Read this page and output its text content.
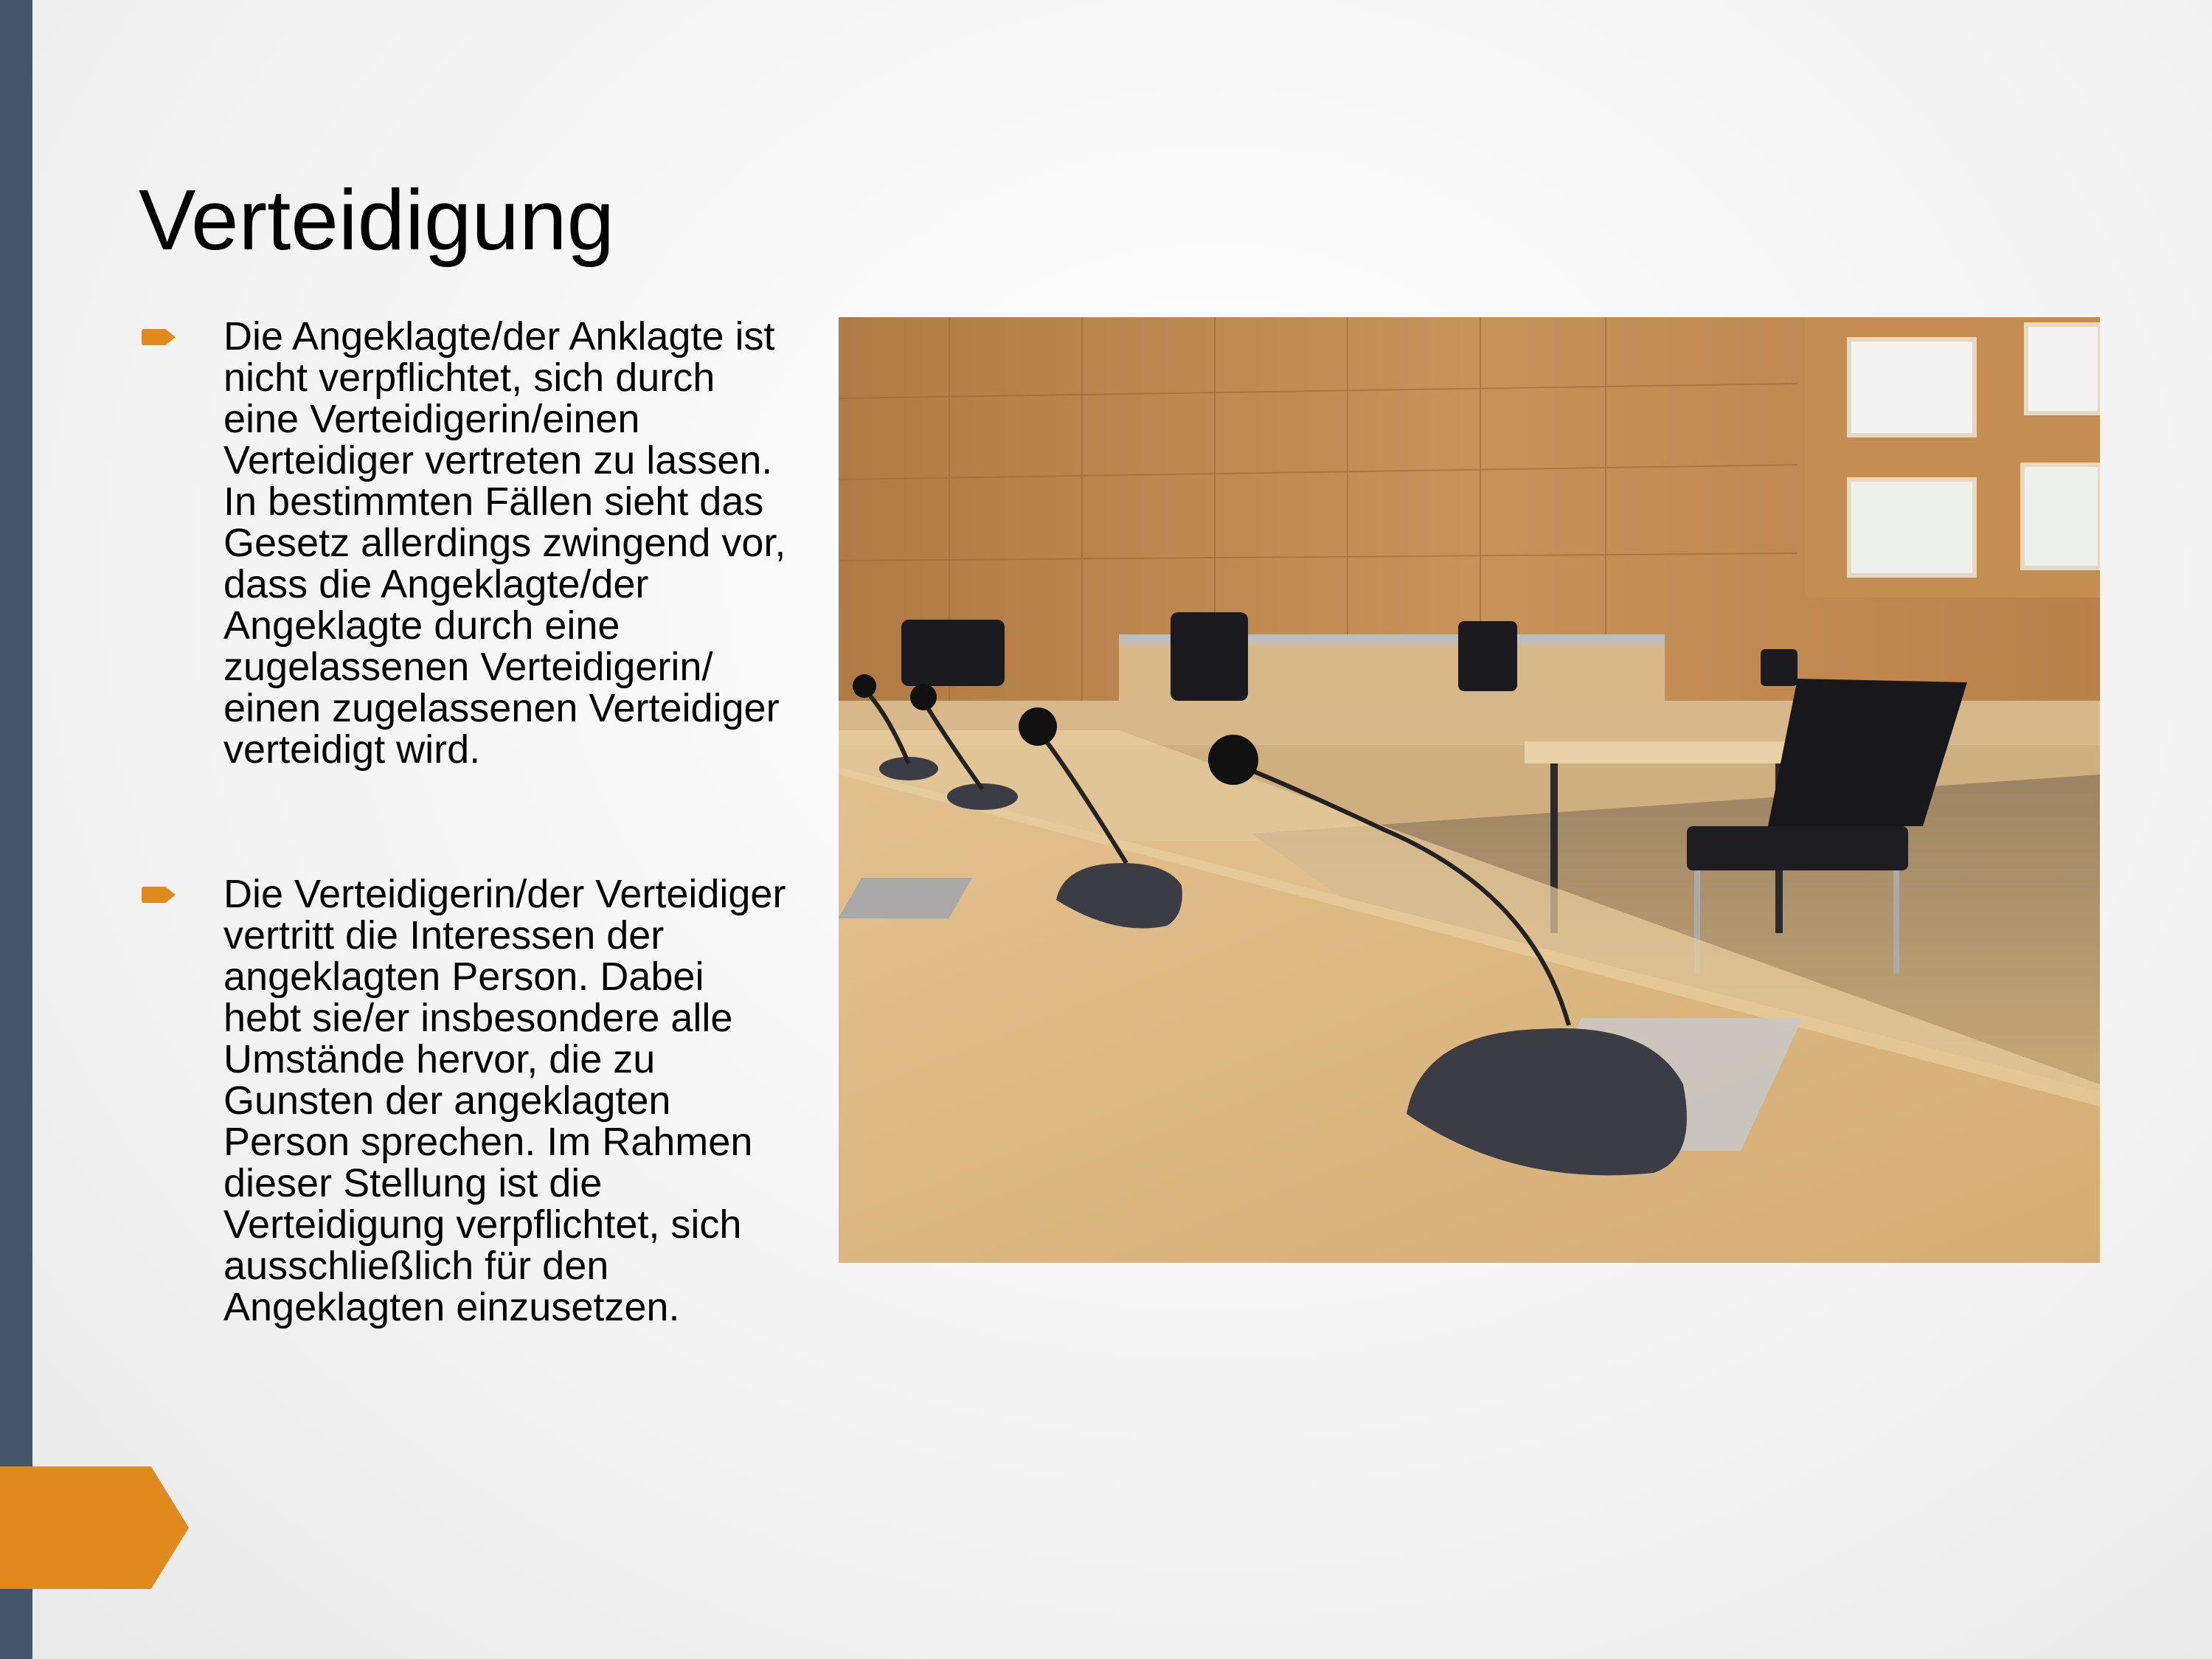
Verteidigung
Die Angeklagte/der Anklagte ist nicht verpflichtet, sich durch eine Verteidigerin/einen Verteidiger vertreten zu lassen. In bestimmten Fällen sieht das Gesetz allerdings zwingend vor, dass die Angeklagte/der Angeklagte durch eine zugelassenen Verteidigerin/ einen zugelassenen Verteidiger verteidigt wird.
Die Verteidigerin/der Verteidiger vertritt die Interessen der angeklagten Person. Dabei hebt sie/er insbesondere alle Umstände hervor, die zu Gunsten der angeklagten Person sprechen. Im Rahmen dieser Stellung ist die Verteidigung verpflichtet, sich ausschließlich für den Angeklagten einzusetzen.
